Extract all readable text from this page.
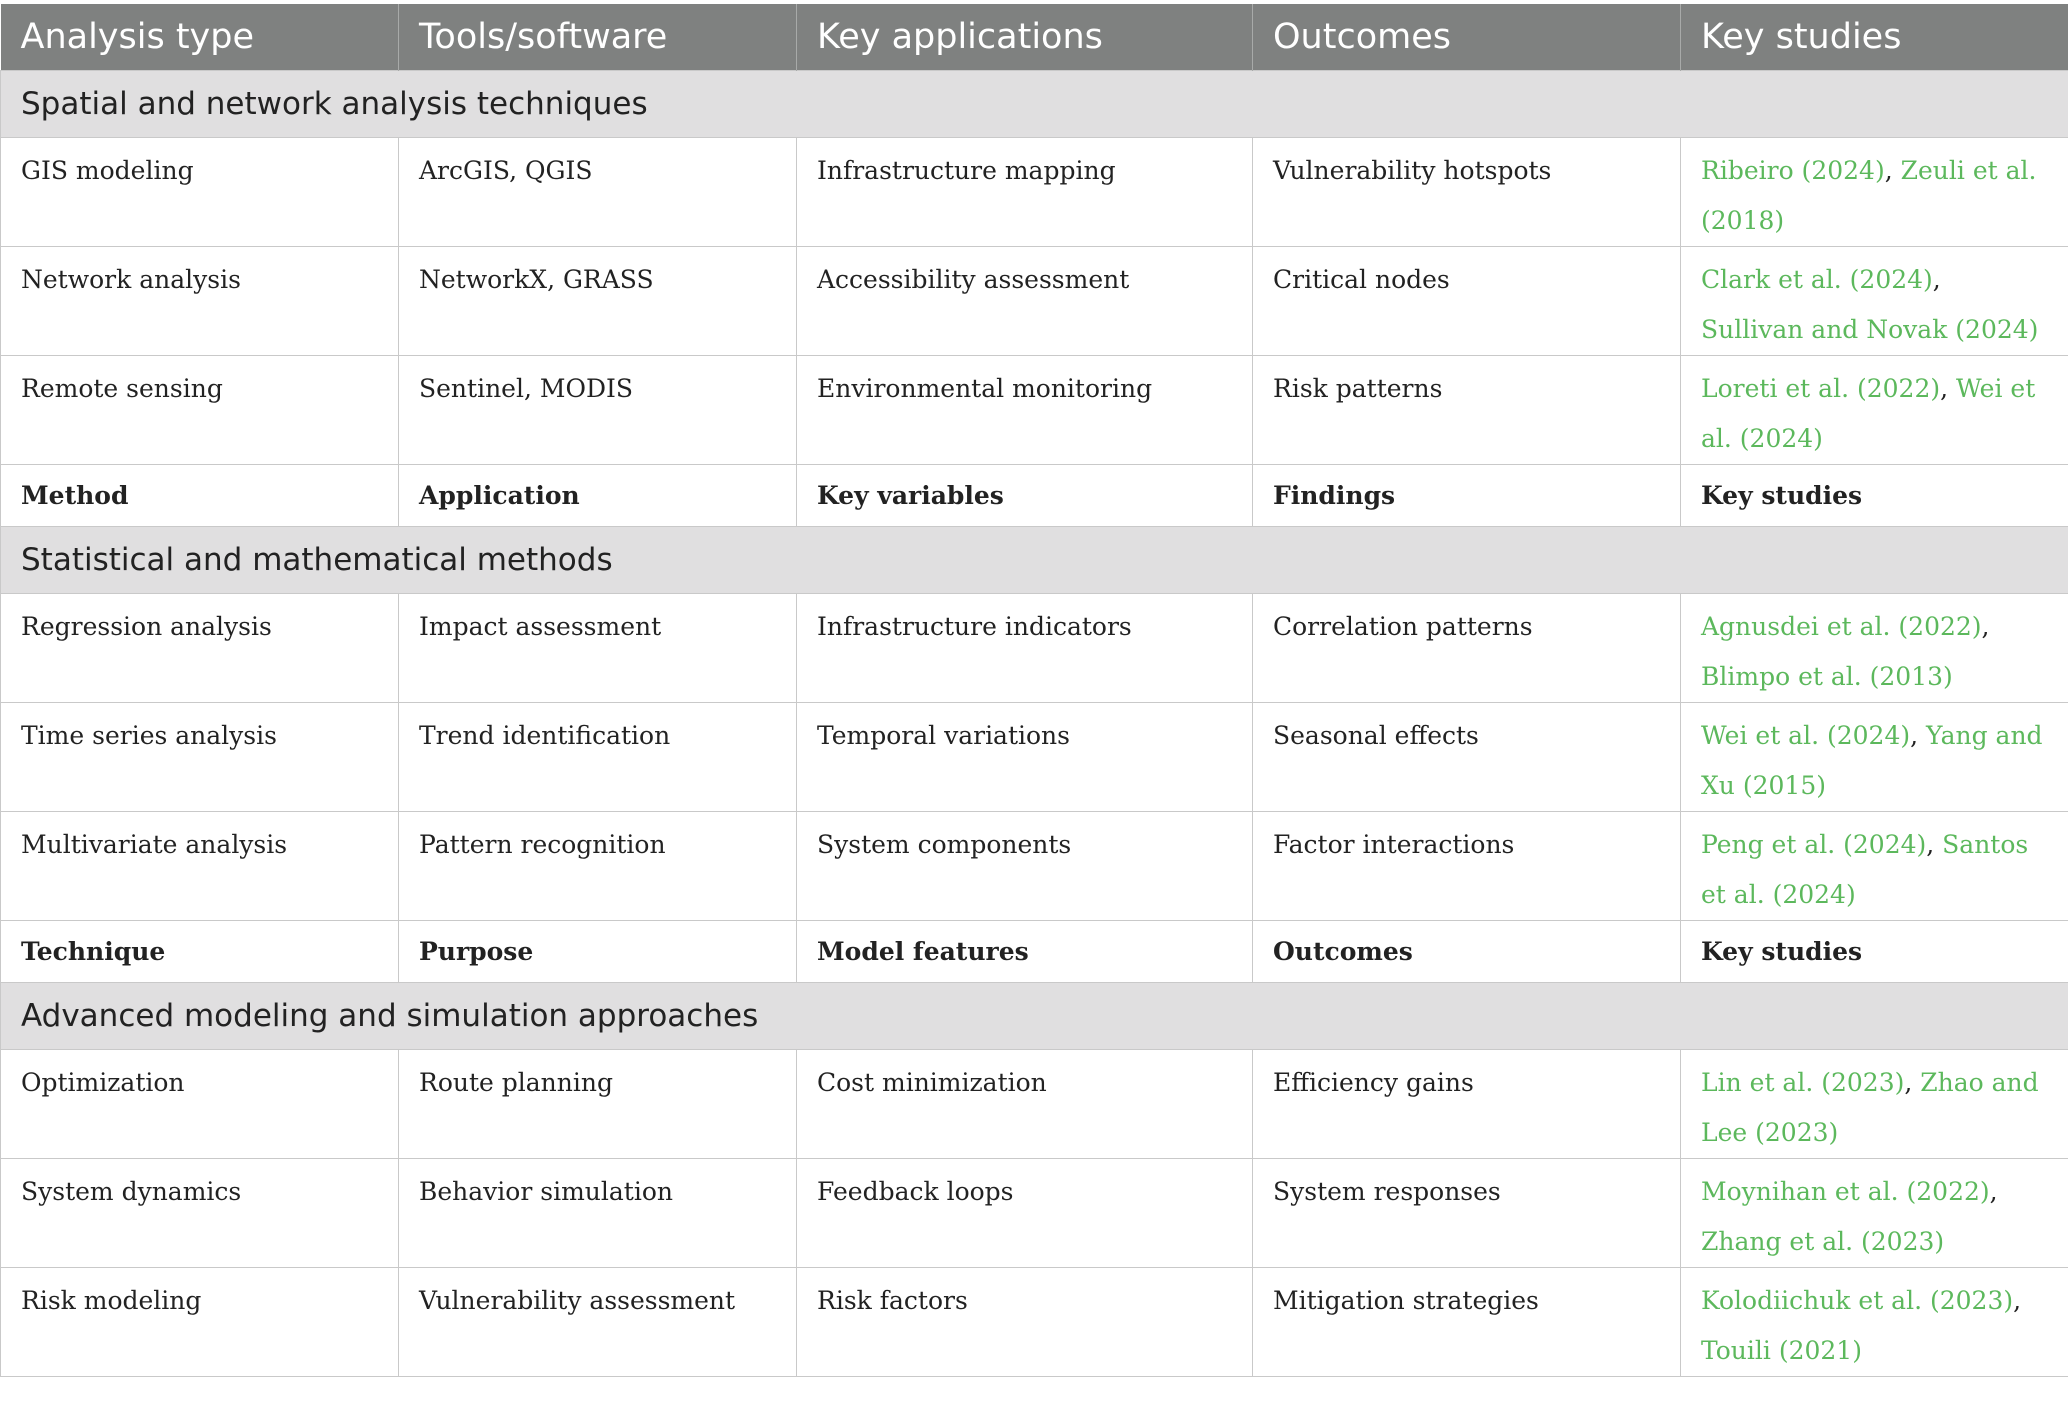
Analysis type	Tools/software	Key applications	Outcomes	Key studies
Spatial and network analysis techniques				

GIS modeling	ArcGIS, QGIS	Infrastructure mapping	Vulnerability hotspots	Ribeiro (2024), Zeuli et al. (2018)

Network analysis	NetworkX, GRASS	Accessibility assessment	Critical nodes	Clark et al. (2024), Sullivan and Novak (2024)

Remote sensing	Sentinel, MODIS	Environmental monitoring	Risk patterns	Loreti et al. (2022), Wei et al. (2024)

Method	Application	Key variables	Findings	Key studies

Statistical and mathematical methods				

Regression analysis	Impact assessment	Infrastructure indicators	Correlation patterns	Agnusdei et al. (2022), Blimpo et al. (2013)

Time series analysis	Trend identification	Temporal variations	Seasonal effects	Wei et al. (2024), Yang and Xu (2015)

Multivariate analysis	Pattern recognition	System components	Factor interactions	Peng et al. (2024), Santos et al. (2024)

Technique	Purpose	Model features	Outcomes	Key studies

Advanced modeling and simulation approaches				

Optimization	Route planning	Cost minimization	Efficiency gains	Lin et al. (2023), Zhao and Lee (2023)

System dynamics	Behavior simulation	Feedback loops	System responses	Moynihan et al. (2022), Zhang et al. (2023)

Risk modeling	Vulnerability assessment	Risk factors	Mitigation strategies	Kolodiichuk et al. (2023), Touili (2021)
